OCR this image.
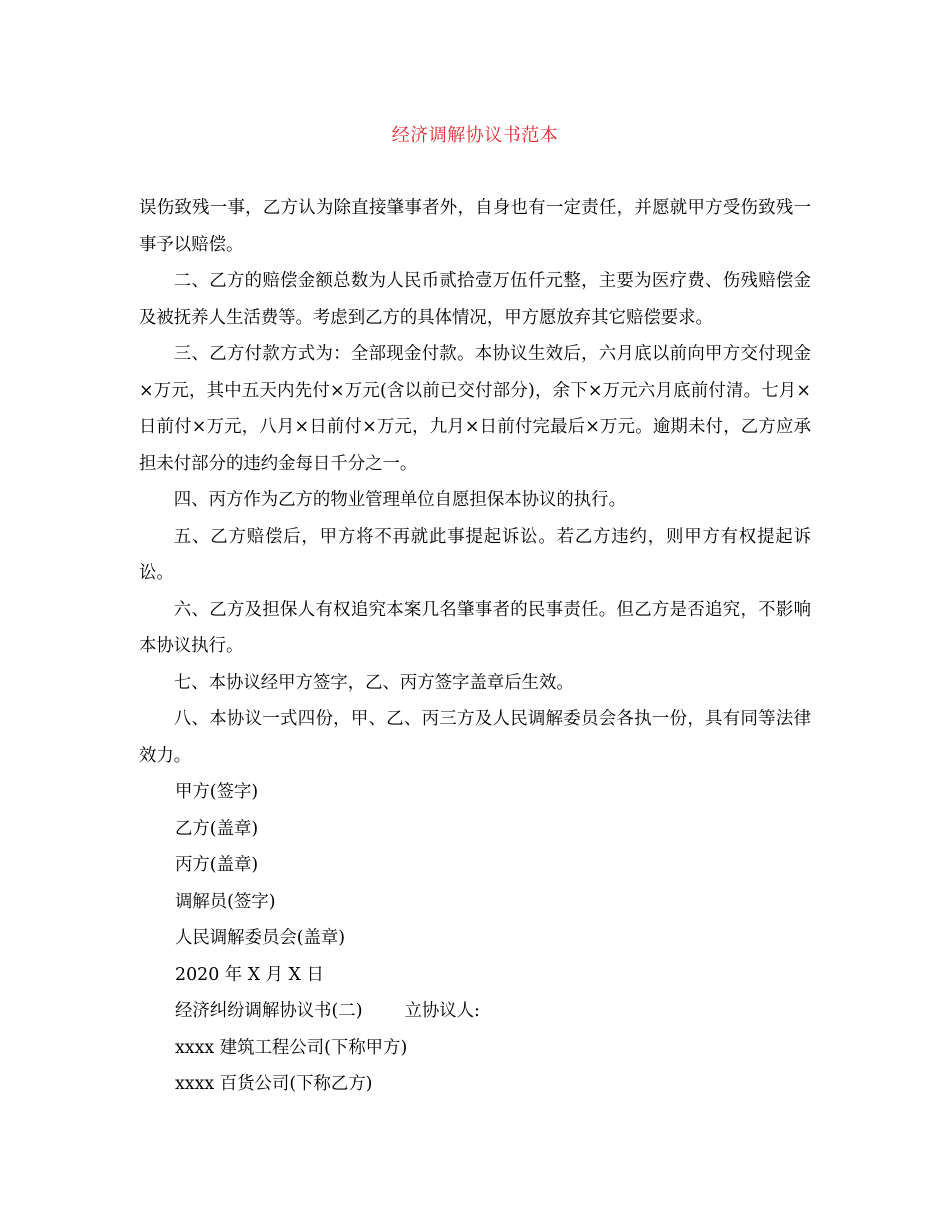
经济调解协议书范本

误伤致残一事，乙方认为除直接肇事者外，自身也有一定责任，并愿就甲方受伤致残一事予以赔偿。

二、乙方的赔偿金额总数为人民币贰拾壹万伍仟元整，主要为医疗费、伤残赔偿金及被抚养人生活费等。考虑到乙方的具体情况，甲方愿放弃其它赔偿要求。

三、乙方付款方式为：全部现金付款。本协议生效后，六月底以前向甲方交付现金×万元，其中五天内先付×万元(含以前已交付部分)，余下×万元六月底前付清。七月×日前付×万元，八月×日前付×万元，九月×日前付完最后×万元。逾期未付，乙方应承担未付部分的违约金每日千分之一。

四、丙方作为乙方的物业管理单位自愿担保本协议的执行。

五、乙方赔偿后，甲方将不再就此事提起诉讼。若乙方违约，则甲方有权提起诉讼。

六、乙方及担保人有权追究本案几名肇事者的民事责任。但乙方是否追究，不影响本协议执行。

七、本协议经甲方签字，乙、丙方签字盖章后生效。

八、本协议一式四份，甲、乙、丙三方及人民调解委员会各执一份，具有同等法律效力。

甲方(签字)

乙方(盖章)

丙方(盖章)

调解员(签字)

人民调解委员会(盖章)

2020 年 X 月 X 日

经济纠纷调解协议书(二) 立协议人:

xxxx 建筑工程公司(下称甲方)

xxxx 百货公司(下称乙方)
